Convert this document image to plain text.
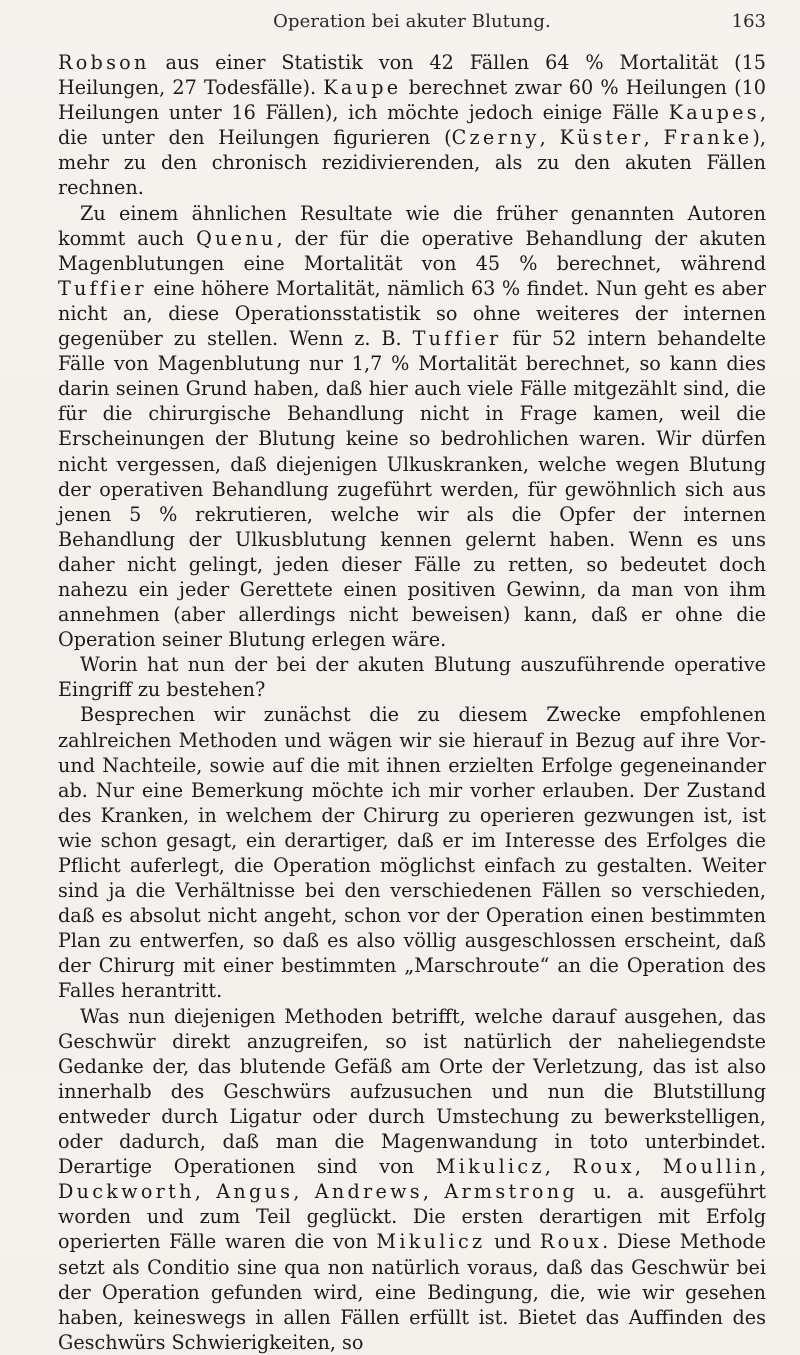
Operation bei akuter Blutung.	163

Robson aus einer Statistik von 42 Fällen 64 % Mortalität (15 Heilungen, 27 Todesfälle). Kaupe berechnet zwar 60 % Heilungen (10 Heilungen unter 16 Fällen), ich möchte jedoch einige Fälle Kaupes, die unter den Heilungen figurieren (Czerny, Küster, Franke), mehr zu den chronisch rezidivierenden, als zu den akuten Fällen rechnen.

Zu einem ähnlichen Resultate wie die früher genannten Autoren kommt auch Quenu, der für die operative Behandlung der akuten Magenblutungen eine Mortalität von 45 % berechnet, während Tuffier eine höhere Mortalität, nämlich 63 % findet. Nun geht es aber nicht an, diese Operationsstatistik so ohne weiteres der internen gegenüber zu stellen. Wenn z. B. Tuffier für 52 intern behandelte Fälle von Magenblutung nur 1,7 % Mortalität berechnet, so kann dies darin seinen Grund haben, daß hier auch viele Fälle mitgezählt sind, die für die chirurgische Behandlung nicht in Frage kamen, weil die Erscheinungen der Blutung keine so bedrohlichen waren. Wir dürfen nicht vergessen, daß diejenigen Ulkuskranken, welche wegen Blutung der operativen Behandlung zugeführt werden, für gewöhnlich sich aus jenen 5 % rekrutieren, welche wir als die Opfer der internen Behandlung der Ulkusblutung kennen gelernt haben. Wenn es uns daher nicht gelingt, jeden dieser Fälle zu retten, so bedeutet doch nahezu ein jeder Gerettete einen positiven Gewinn, da man von ihm annehmen (aber allerdings nicht beweisen) kann, daß er ohne die Operation seiner Blutung erlegen wäre.

Worin hat nun der bei der akuten Blutung auszuführende operative Eingriff zu bestehen?

Besprechen wir zunächst die zu diesem Zwecke empfohlenen zahlreichen Methoden und wägen wir sie hierauf in Bezug auf ihre Vor- und Nachteile, sowie auf die mit ihnen erzielten Erfolge gegeneinander ab. Nur eine Bemerkung möchte ich mir vorher erlauben. Der Zustand des Kranken, in welchem der Chirurg zu operieren gezwungen ist, ist wie schon gesagt, ein derartiger, daß er im Interesse des Erfolges die Pflicht auferlegt, die Operation möglichst einfach zu gestalten. Weiter sind ja die Verhältnisse bei den verschiedenen Fällen so verschieden, daß es absolut nicht angeht, schon vor der Operation einen bestimmten Plan zu entwerfen, so daß es also völlig ausgeschlossen erscheint, daß der Chirurg mit einer bestimmten „Marschroute“ an die Operation des Falles herantritt.

Was nun diejenigen Methoden betrifft, welche darauf ausgehen, das Geschwür direkt anzugreifen, so ist natürlich der naheliegendste Gedanke der, das blutende Gefäß am Orte der Verletzung, das ist also innerhalb des Geschwürs aufzusuchen und nun die Blutstillung entweder durch Ligatur oder durch Umstechung zu bewerkstelligen, oder dadurch, daß man die Magenwandung in toto unterbindet. Derartige Operationen sind von Mikulicz, Roux, Moullin, Duckworth, Angus, Andrews, Armstrong u. a. ausgeführt worden und zum Teil geglückt. Die ersten derartigen mit Erfolg operierten Fälle waren die von Mikulicz und Roux. Diese Methode setzt als Conditio sine qua non natürlich voraus, daß das Geschwür bei der Operation gefunden wird, eine Bedingung, die, wie wir gesehen haben, keineswegs in allen Fällen erfüllt ist. Bietet das Auffinden des Geschwürs Schwierigkeiten, so
